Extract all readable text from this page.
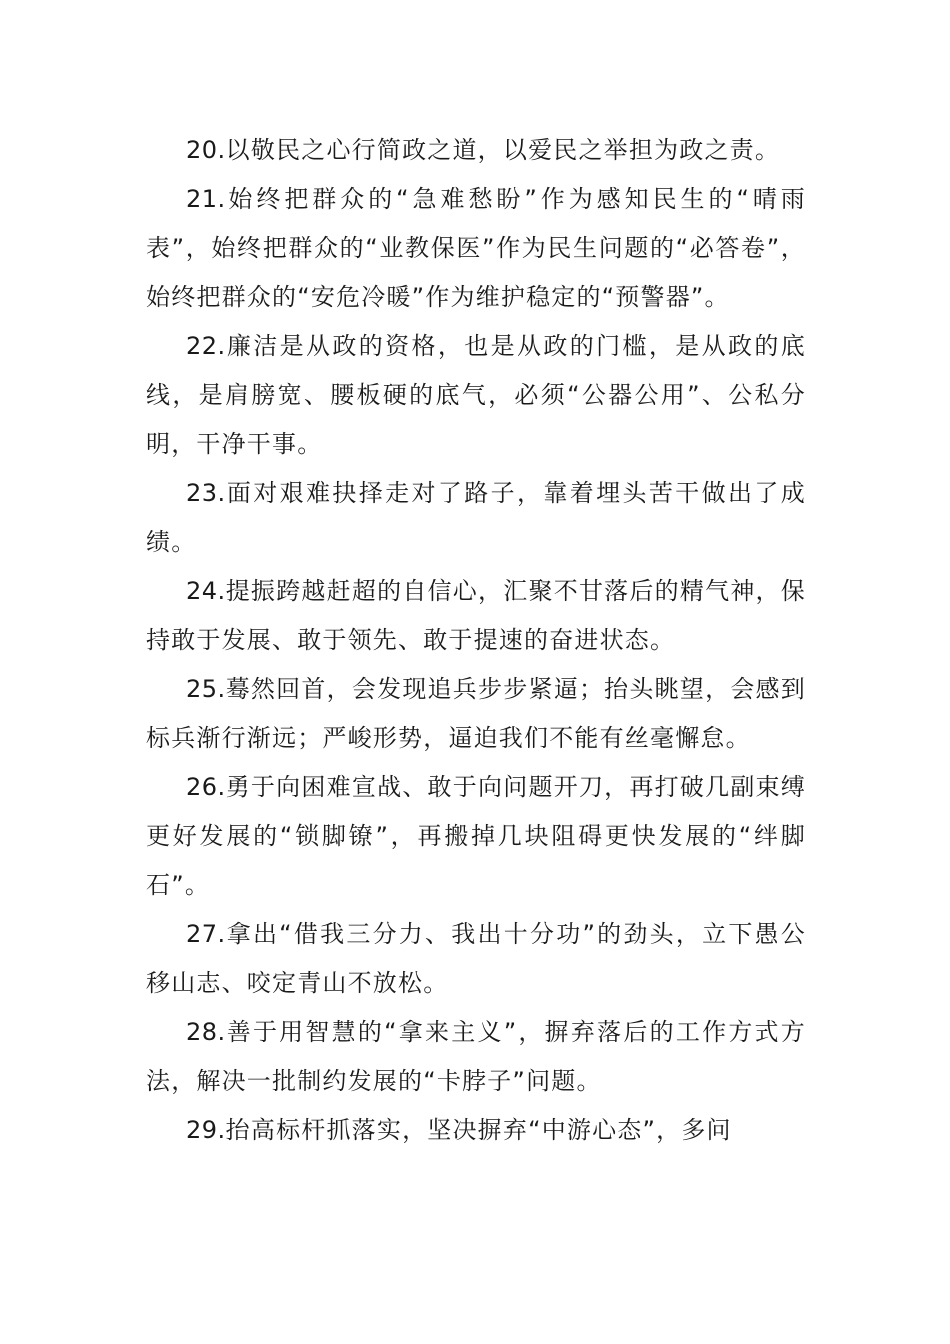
20.以敬民之心行简政之道，以爱民之举担为政之责。

21.始终把群众的“急难愁盼”作为感知民生的“晴雨表”，始终把群众的“业教保医”作为民生问题的“必答卷”，始终把群众的“安危冷暖”作为维护稳定的“预警器”。

22.廉洁是从政的资格，也是从政的门槛，是从政的底线，是肩膀宽、腰板硬的底气，必须“公器公用”、公私分明，干净干事。

23.面对艰难抉择走对了路子，靠着埋头苦干做出了成绩。

24.提振跨越赶超的自信心，汇聚不甘落后的精气神，保持敢于发展、敢于领先、敢于提速的奋进状态。

25.蓦然回首，会发现追兵步步紧逼；抬头眺望，会感到标兵渐行渐远；严峻形势，逼迫我们不能有丝毫懈怠。

26.勇于向困难宣战、敢于向问题开刀，再打破几副束缚更好发展的“锁脚镣”，再搬掉几块阻碍更快发展的“绊脚石”。

27.拿出“借我三分力、我出十分功”的劲头，立下愚公移山志、咬定青山不放松。

28.善于用智慧的“拿来主义”，摒弃落后的工作方式方法，解决一批制约发展的“卡脖子”问题。

29.抬高标杆抓落实，坚决摒弃“中游心态”，多问
